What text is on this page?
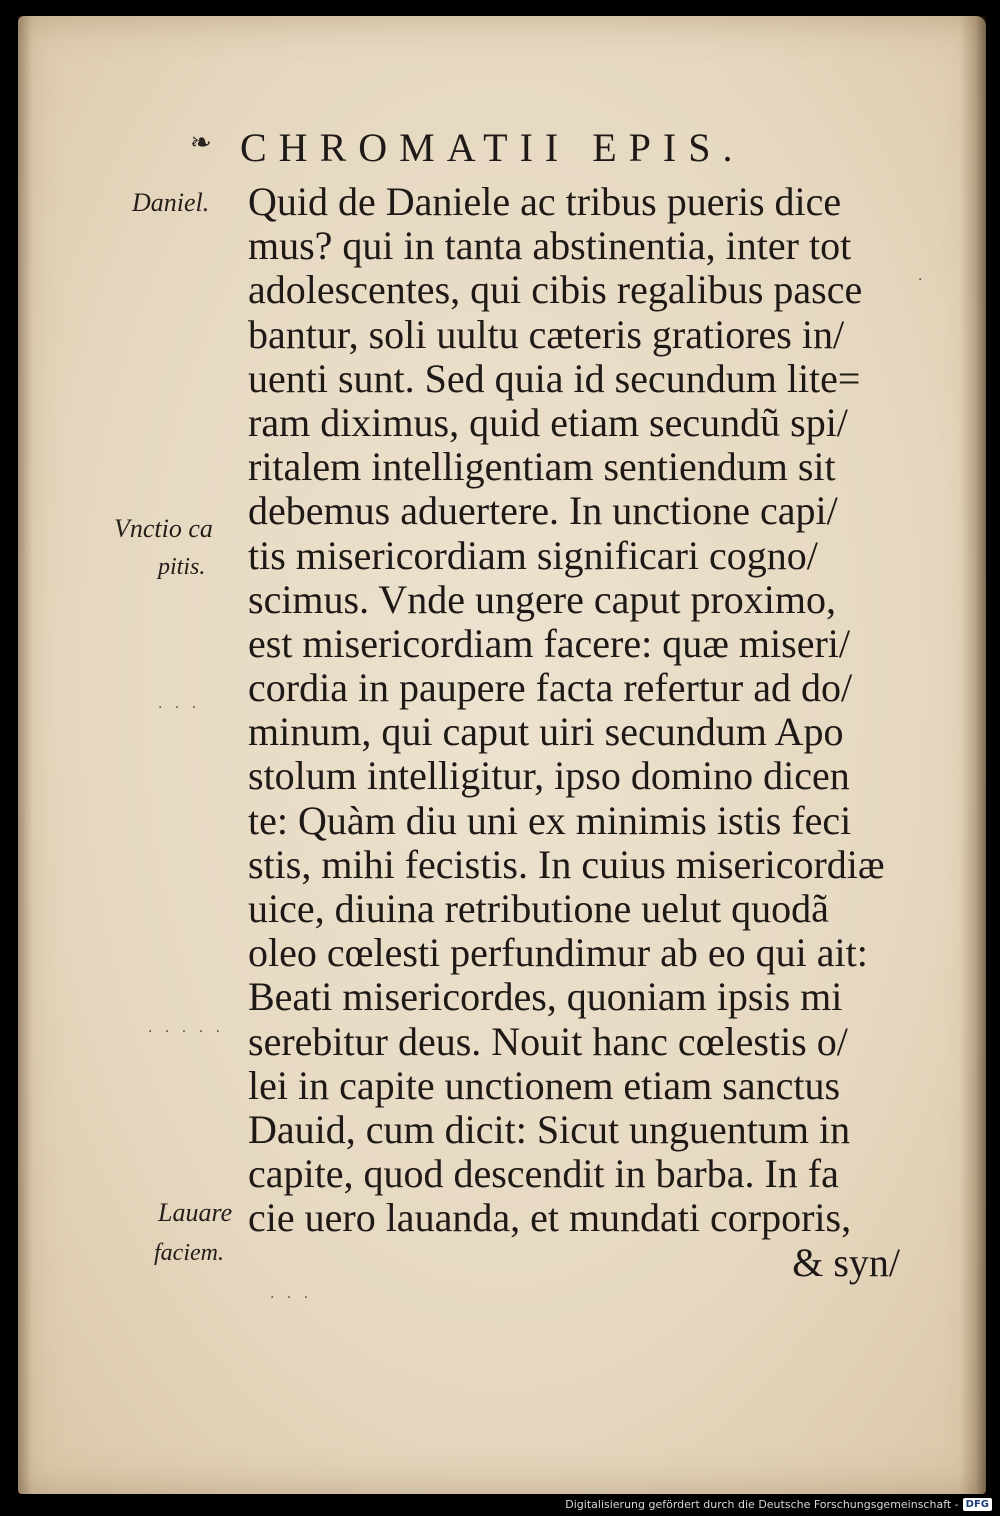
❧ CHROMATII EPIS.
Daniel.
Vnctio ca
pitis.
Lauare
faciem.
· · ·
· · · · ·
·
· · ·
Quid de Daniele ac tribus pueris dice
mus? qui in tanta abstinentia, inter tot
adolescentes, qui cibis regalibus pasce
bantur, soli uultu cæteris gratiores in/
uenti sunt. Sed quia id secundum lite=
ram diximus, quid etiam secundũ spi/
ritalem intelligentiam sentiendum sit
debemus aduertere. In unctione capi/
tis misericordiam significari cogno/
scimus. Vnde ungere caput proximo,
est misericordiam facere: quæ miseri/
cordia in paupere facta refertur ad do/
minum, qui caput uiri secundum Apo
stolum intelligitur, ipso domino dicen
te: Quàm diu uni ex minimis istis feci
stis, mihi fecistis. In cuius misericordiæ
uice, diuina retributione uelut quodã
oleo cœlesti perfundimur ab eo qui ait:
Beati misericordes, quoniam ipsis mi
serebitur deus. Nouit hanc cœlestis o/
lei in capite unctionem etiam sanctus
Dauid, cum dicit: Sicut unguentum in
capite, quod descendit in barba. In fa
cie uero lauanda, et mundati corporis,
& syn/
Digitalisierung gefördert durch die Deutsche Forschungsgemeinschaft - DFG
